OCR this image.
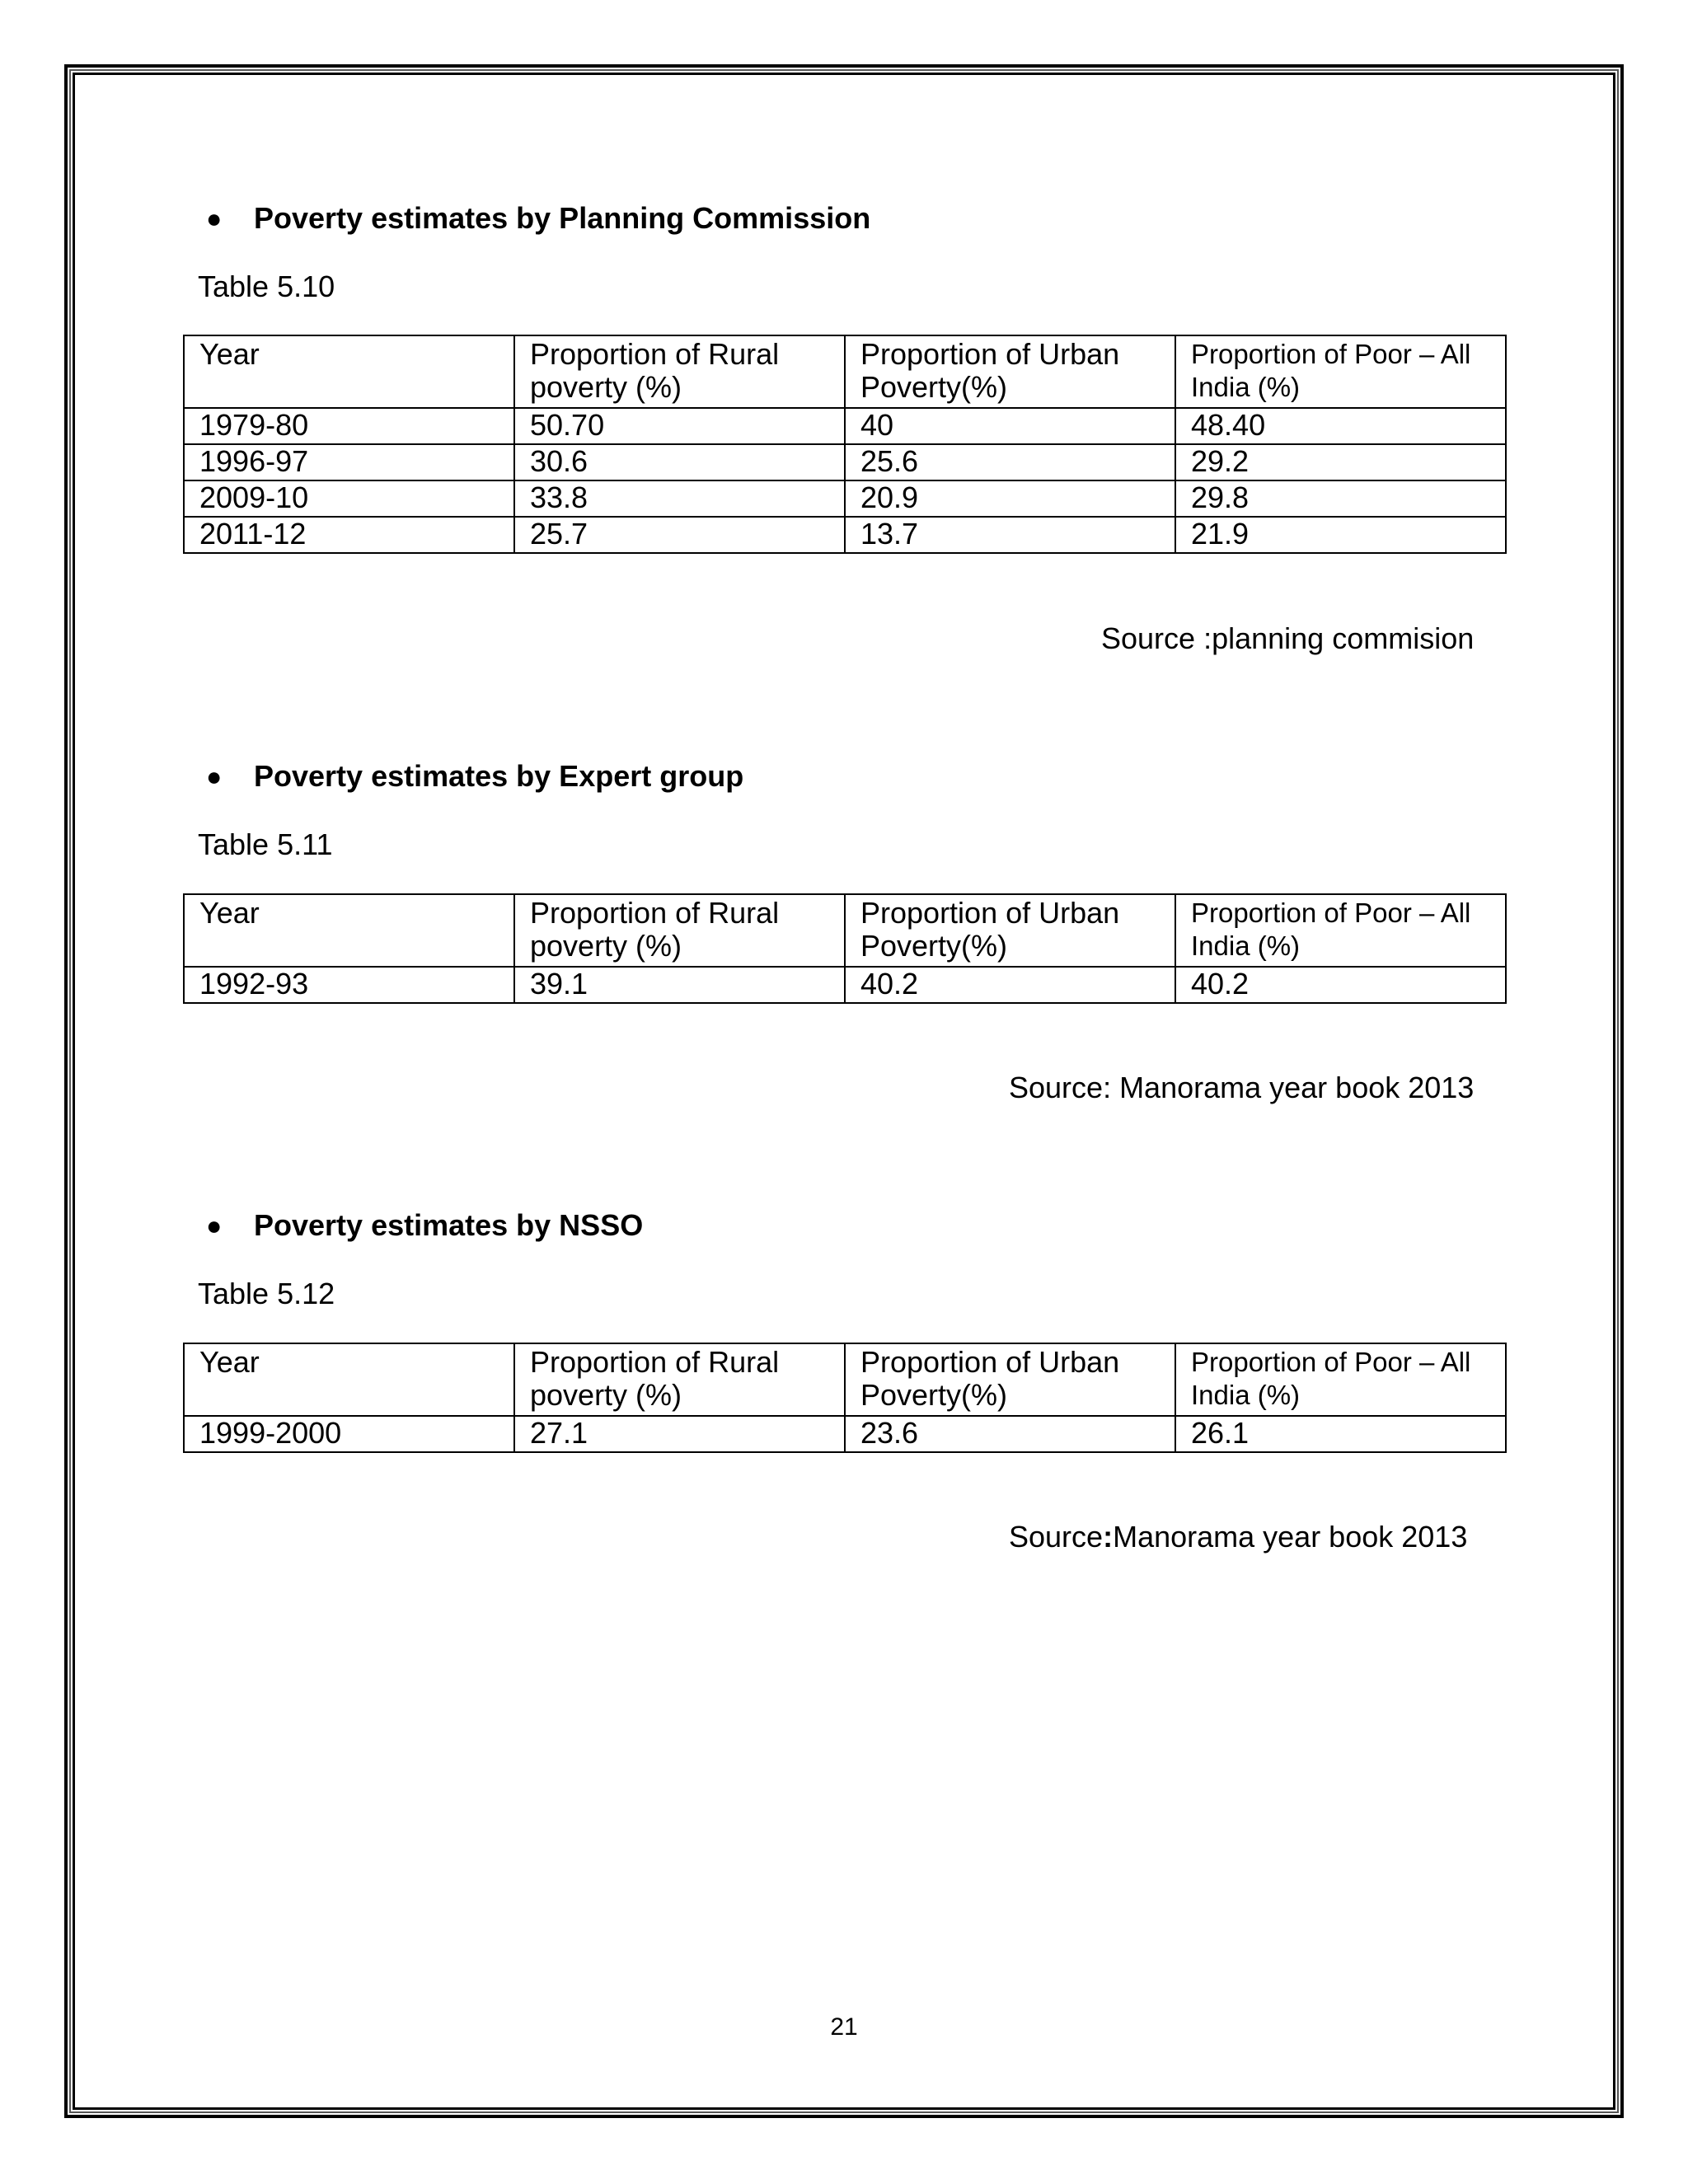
● Poverty estimates by Planning Commission
Table 5.10
Year	Proportion of Rural poverty (%)	Proportion of Urban Poverty(%)	Proportion of Poor – All India (%)
1979-80	50.70	40	48.40
1996-97	30.6	25.6	29.2
2009-10	33.8	20.9	29.8
2011-12	25.7	13.7	21.9
Source :planning commision
● Poverty estimates by Expert group
Table 5.11
Year	Proportion of Rural poverty (%)	Proportion of Urban Poverty(%)	Proportion of Poor – All India (%)
1992-93	39.1	40.2	40.2
Source: Manorama year book 2013
● Poverty estimates by NSSO
Table 5.12
Year	Proportion of Rural poverty (%)	Proportion of Urban Poverty(%)	Proportion of Poor – All India (%)
1999-2000	27.1	23.6	26.1
Source:Manorama year book 2013
21
